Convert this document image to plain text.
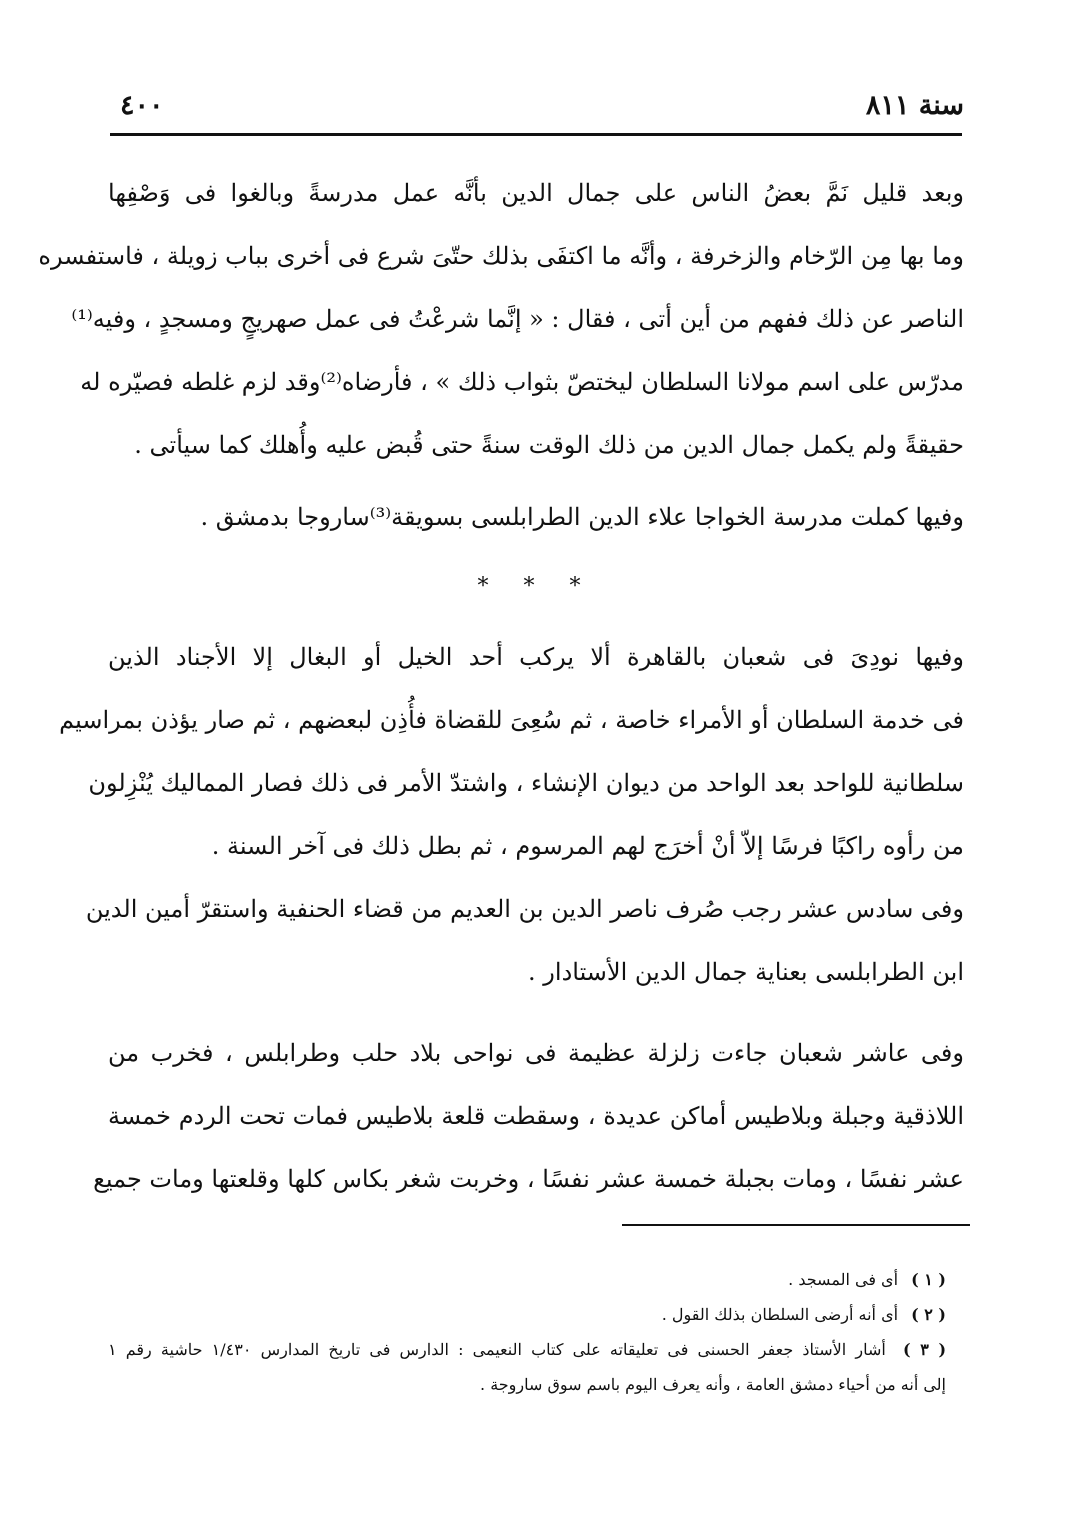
سنة ٨١١
٤٠٠
وبعد قليل نَمَّ بعضُ الناس على جمال الدين بأنَّه عمل مدرسةً وبالغوا فى وَصْفِها
وما بها مِن الرّخام والزخرفة ، وأنَّه ما اكتفَى بذلك حتّىَ شرع فى أخرى بباب زويلة ، فاستفسره
الناصر عن ذلك ففهم من أين أتى ، فقال : « إنَّما شرعْتُ فى عمل صهريجٍ ومسجدٍ ، وفيه⁽¹⁾
مدرّس على اسم مولانا السلطان ليختصّ بثواب ذلك » ، فأرضاه⁽²⁾وقد لزم غلطه فصيّره له
حقيقةً ولم يكمل جمال الدين من ذلك الوقت سنةً حتى قُبض عليه وأُهلك كما سيأتى .
وفيها كملت مدرسة الخواجا علاء الدين الطرابلسى بسويقة⁽³⁾ساروجا بدمشق .
* * *
وفيها نودِىَ فى شعبان بالقاهرة ألا يركب أحد الخيل أو البغال إلا الأجناد الذين
فى خدمة السلطان أو الأمراء خاصة ، ثم سُعِىَ للقضاة فأُذِن لبعضهم ، ثم صار يؤذن بمراسيم
سلطانية للواحد بعد الواحد من ديوان الإنشاء ، واشتدّ الأمر فى ذلك فصار المماليك يُنْزِلون
من رأوه راكبًا فرسًا إلاّ أنْ أخرَج لهم المرسوم ، ثم بطل ذلك فى آخر السنة .
وفى سادس عشر رجب صُرف ناصر الدين بن العديم من قضاء الحنفية واستقرّ أمين الدين
ابن الطرابلسى بعناية جمال الدين الأستادار .
وفى عاشر شعبان جاءت زلزلة عظيمة فى نواحى بلاد حلب وطرابلس ، فخرب من
اللاذقية وجبلة وبلاطيس أماكن عديدة ، وسقطت قلعة بلاطيس فمات تحت الردم خمسة
عشر نفسًا ، ومات بجبلة خمسة عشر نفسًا ، وخربت شغر بكاس كلها وقلعتها ومات جميع
( ١ ) أى فى المسجد .
( ٢ ) أى أنه أرضى السلطان بذلك القول .
( ٣ ) أشار الأستاذ جعفر الحسنى فى تعليقاته على كتاب النعيمى : الدارس فى تاريخ المدارس ١/٤٣٠ حاشية رقم ١
إلى أنه من أحياء دمشق العامة ، وأنه يعرف اليوم باسم سوق ساروجة .
